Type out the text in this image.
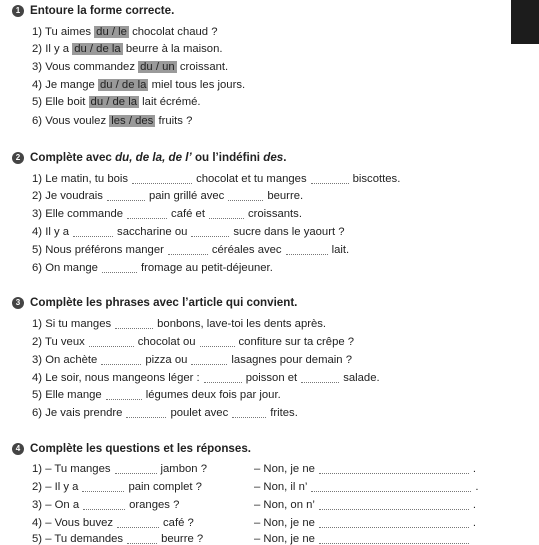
1 Entoure la forme correcte.
1) Tu aimes du / le chocolat chaud ?
2) Il y a du / de la beurre à la maison.
3) Vous commandez du / un croissant.
4) Je mange du / de la miel tous les jours.
5) Elle boit du / de la lait écrémé.
6) Vous voulez les / des fruits ?
2 Complète avec du, de la, de l’ ou l’indéfini des.
1) Le matin, tu bois	chocolat et tu manges	biscottes.
2) Je voudrais	pain grillé avec	beurre.
3) Elle commande	café et	croissants.
4) Il y a	saccharine ou	sucre dans le yaourt ?
5) Nous préférons manger	céréales avec	lait.
6) On mange	fromage au petit-déjeuner.
3 Complète les phrases avec l’article qui convient.
1) Si tu manges	bonbons, lave-toi les dents après.
2) Tu veux	chocolat ou	confiture sur ta crêpe ?
3) On achète	pizza ou	lasagnes pour demain ?
4) Le soir, nous mangeons léger :	poisson et	salade.
5) Elle mange	légumes deux fois par jour.
6) Je vais prendre	poulet avec	frites.
4 Complète les questions et les réponses.
1) – Tu manges	jambon ?	– Non, je ne	.
2) – Il y a	pain complet ?	– Non, il n’	.
3) – On a	oranges ?	– Non, on n’	.
4) – Vous buvez	café ?	– Non, je ne	.
5) – Tu demandes	beurre ?	– Non, je ne
